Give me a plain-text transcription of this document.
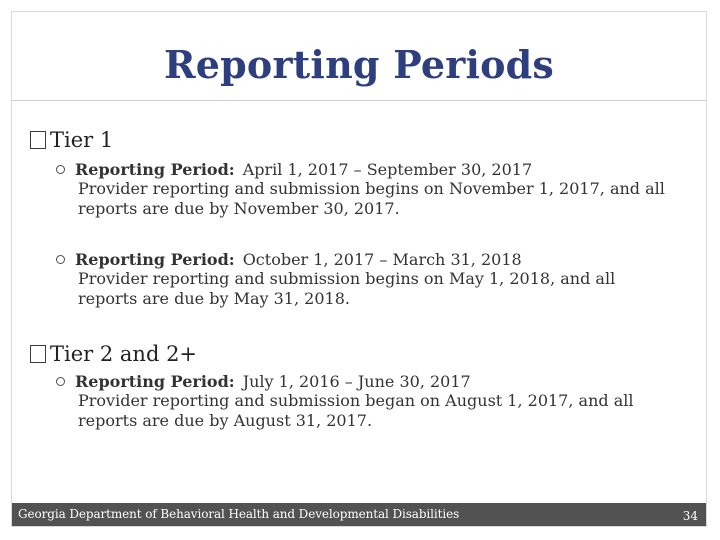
Reporting Periods
Tier 1
Reporting Period: April 1, 2017 – September 30, 2017
Provider reporting and submission begins on November 1, 2017, and all reports are due by November 30, 2017.
Reporting Period: October 1, 2017 – March 31, 2018
Provider reporting and submission begins on May 1, 2018, and all reports are due by May 31, 2018.
Tier 2 and 2+
Reporting Period: July 1, 2016 – June 30, 2017
Provider reporting and submission began on August 1, 2017, and all reports are due by August 31, 2017.
Georgia Department of Behavioral Health and Developmental Disabilities	34
